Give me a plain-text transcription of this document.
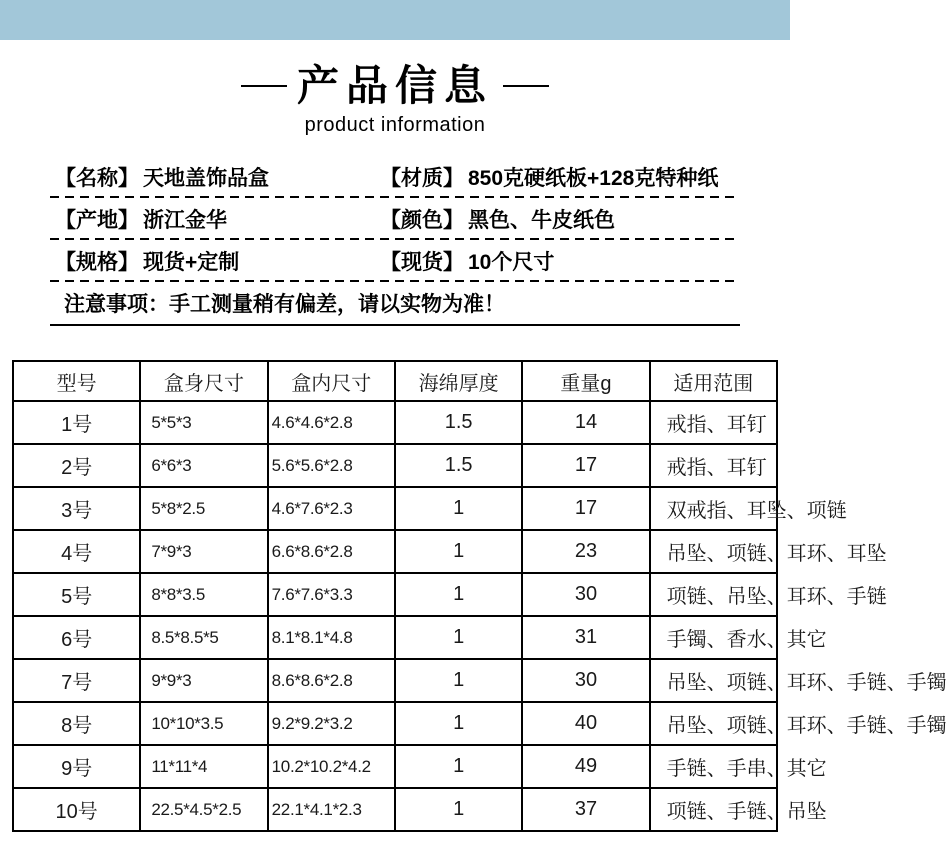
产品信息
product information
【名称】 天地盖饰品盒	【材质】 850克硬纸板+128克特种纸
【产地】 浙江金华	【颜色】 黑色、牛皮纸色
【规格】 现货+定制	【现货】 10个尺寸
注意事项：手工测量稍有偏差，请以实物为准！
型号	盒身尺寸	盒内尺寸	海绵厚度	重量g	适用范围
1号	5*5*3	4.6*4.6*2.8	1.5	14	戒指、耳钉
2号	6*6*3	5.6*5.6*2.8	1.5	17	戒指、耳钉
3号	5*8*2.5	4.6*7.6*2.3	1	17	双戒指、耳坠、项链
4号	7*9*3	6.6*8.6*2.8	1	23	吊坠、项链、耳环、耳坠
5号	8*8*3.5	7.6*7.6*3.3	1	30	项链、吊坠、耳环、手链
6号	8.5*8.5*5	8.1*8.1*4.8	1	31	手镯、香水、其它
7号	9*9*3	8.6*8.6*2.8	1	30	吊坠、项链、耳环、手链、手镯
8号	10*10*3.5	9.2*9.2*3.2	1	40	吊坠、项链、耳环、手链、手镯
9号	11*11*4	10.2*10.2*4.2	1	49	手链、手串、其它
10号	22.5*4.5*2.5	22.1*4.1*2.3	1	37	项链、手链、吊坠
